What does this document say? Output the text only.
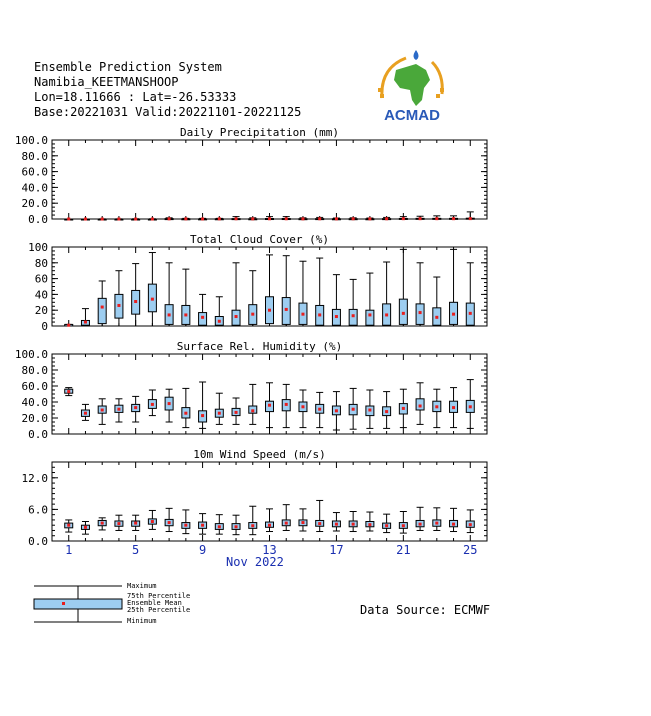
Ensemble Prediction System
Namibia_KEETMANSHOOP
Lon=18.11666 : Lat=-26.53333
Base:20221031 Valid:20221101-20221125	ACMAD
Daily Precipitation (mm)
0.0
20.0
40.0
60.0
80.0
100.0
Total Cloud Cover (%)
0
20
40
60
80
100
Surface Rel. Humidity (%)
0.0
20.0
40.0
60.0
80.0
100.0
10m Wind Speed (m/s)
0.0
6.0
12.0
1	5	9	13	17	21	25
Nov 2022
Maximum
75th Percentile
Ensemble Mean
25th Percentile
Minimum
Data Source: ECMWF
